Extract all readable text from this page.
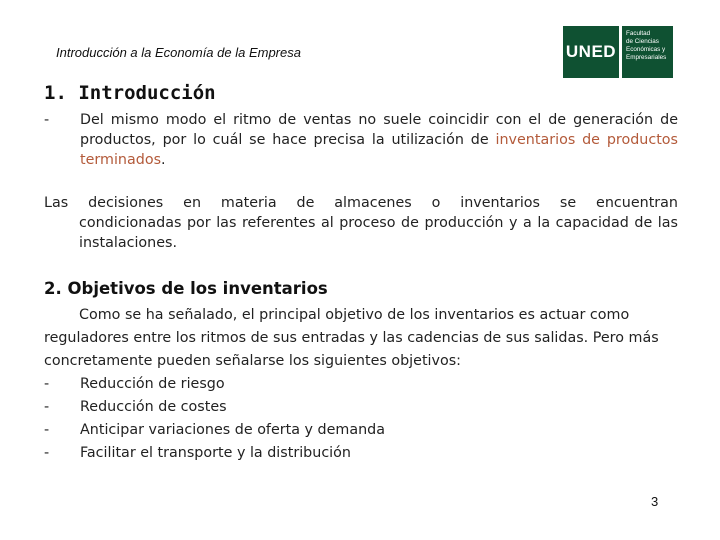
Introducción a la Economía de la Empresa	UNED
Facultad
de Ciencias
Económicas y
Empresariales
1. Introducción
-	Del mismo modo el ritmo de ventas no suele coincidir con el de generación de productos, por lo cuál se hace precisa la utilización de inventarios de productos terminados.
Las decisiones en materia de almacenes o inventarios se encuentran
condicionadas por las referentes al proceso de producción y a la capacidad de las instalaciones.
2. Objetivos de los inventarios

Como se ha señalado, el principal objetivo de los inventarios es actuar como reguladores entre los ritmos de sus entradas y las cadencias de sus salidas. Pero más concretamente pueden señalarse los siguientes objetivos:

-	Reducción de riesgo
-	Reducción de costes
-	Anticipar variaciones de oferta y demanda
-	Facilitar el transporte y la distribución
3
